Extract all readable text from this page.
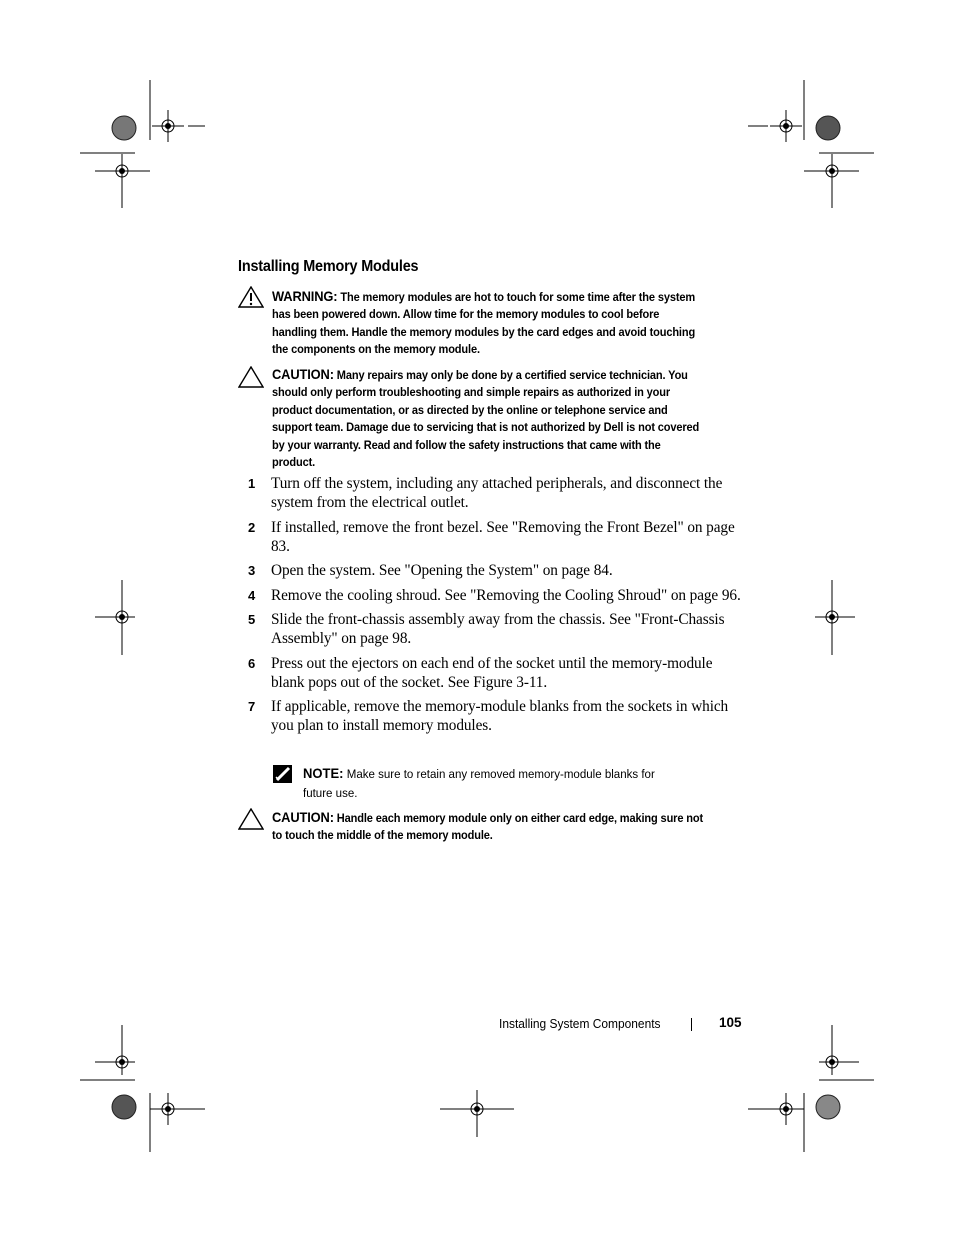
Installing Memory Modules
WARNING: The memory modules are hot to touch for some time after the system has been powered down. Allow time for the memory modules to cool before handling them. Handle the memory modules by the card edges and avoid touching the components on the memory module.
CAUTION: Many repairs may only be done by a certified service technician. You should only perform troubleshooting and simple repairs as authorized in your product documentation, or as directed by the online or telephone service and support team. Damage due to servicing that is not authorized by Dell is not covered by your warranty. Read and follow the safety instructions that came with the product.
1 Turn off the system, including any attached peripherals, and disconnect the system from the electrical outlet.
2 If installed, remove the front bezel. See "Removing the Front Bezel" on page 83.
3 Open the system. See "Opening the System" on page 84.
4 Remove the cooling shroud. See "Removing the Cooling Shroud" on page 96.
5 Slide the front-chassis assembly away from the chassis. See "Front-Chassis Assembly" on page 98.
6 Press out the ejectors on each end of the socket until the memory-module blank pops out of the socket. See Figure 3-11.
7 If applicable, remove the memory-module blanks from the sockets in which you plan to install memory modules.
NOTE: Make sure to retain any removed memory-module blanks for future use.
CAUTION: Handle each memory module only on either card edge, making sure not to touch the middle of the memory module.
Installing System Components	105
